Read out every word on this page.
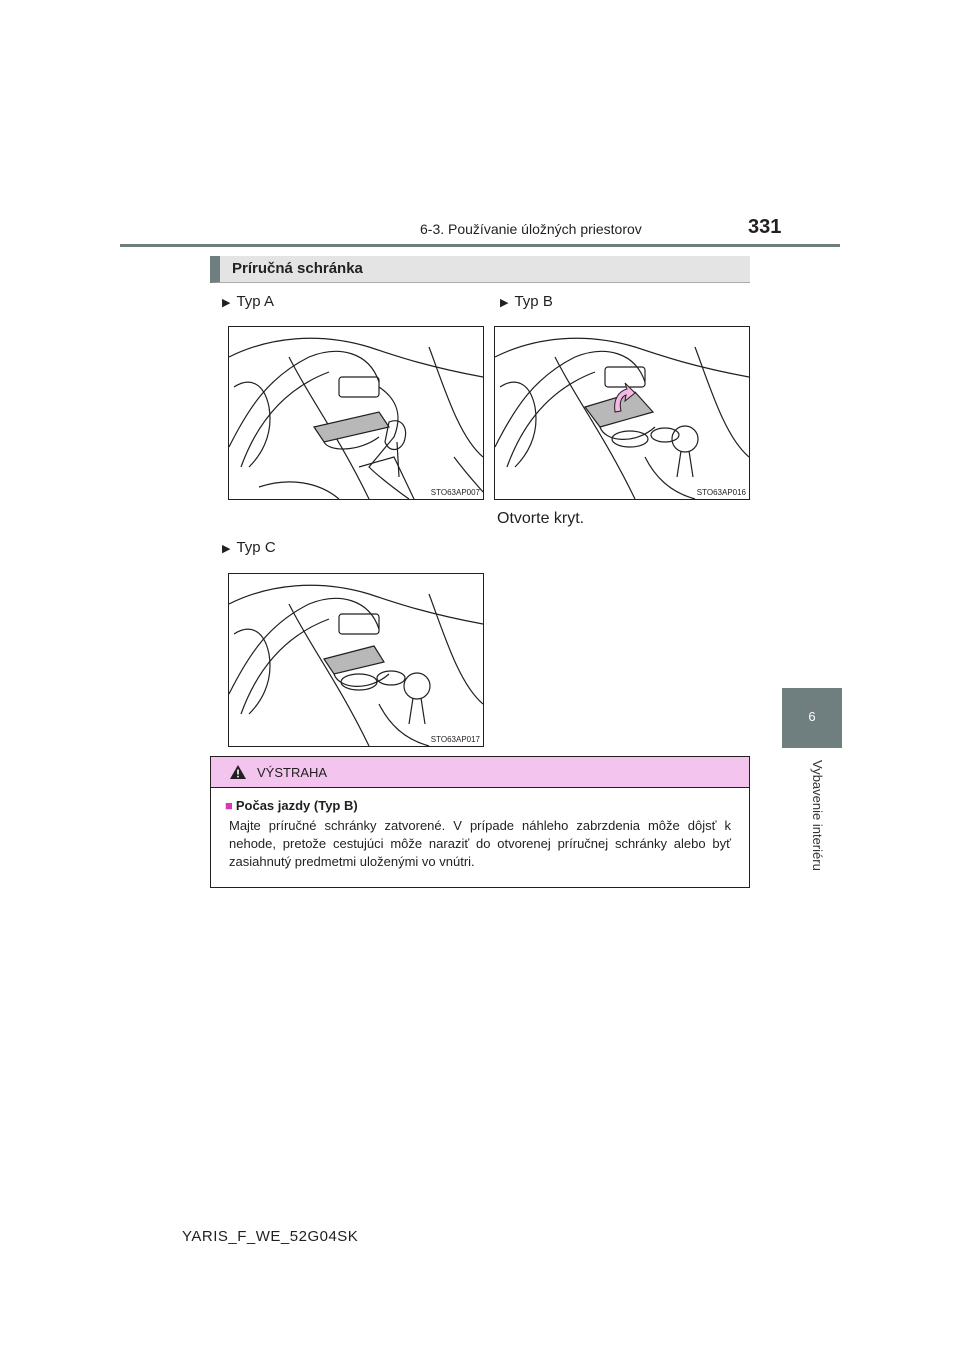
6-3. Používanie úložných priestorov	331
6
Vybavenie interiéru
Príručná schránka
▶ Typ A
STO63AP007
▶ Typ B
STO63AP016
Otvorte kryt.
▶ Typ C
STO63AP017
VÝSTRAHA
■ Počas jazdy (Typ B)
Majte príručné schránky zatvorené. V prípade náhleho zabrzdenia môže dôjsť k nehode, pretože cestujúci môže naraziť do otvorenej príručnej schránky alebo byť zasiahnutý predmetmi uloženými vo vnútri.
YARIS_F_WE_52G04SK
